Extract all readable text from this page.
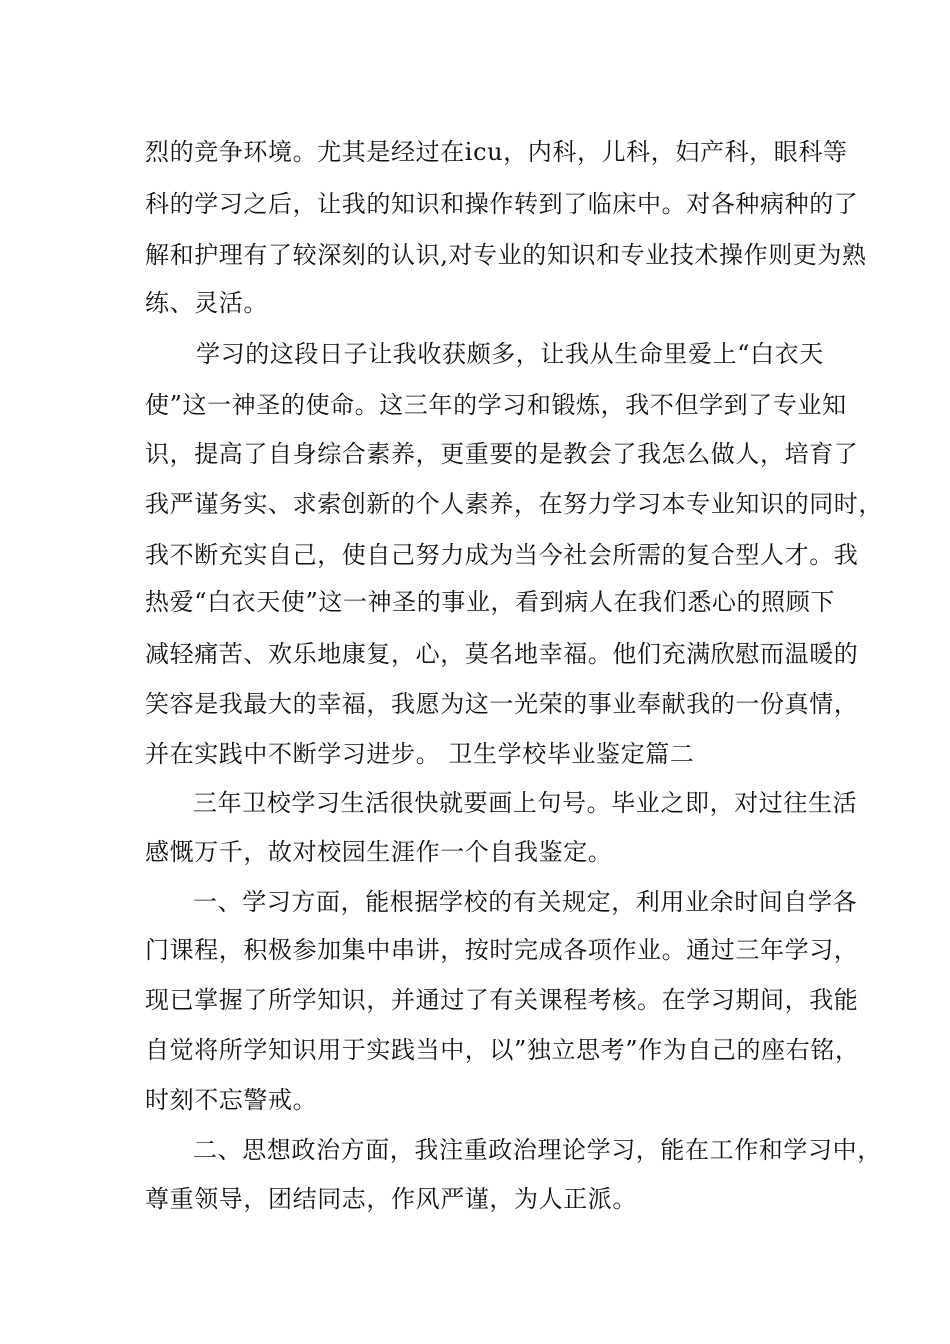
烈的竞争环境。尤其是经过在icu，内科，儿科，妇产科，眼科等
科的学习之后，让我的知识和操作转到了临床中。对各种病种的了
解和护理有了较深刻的认识,对专业的知识和专业技术操作则更为熟
练、灵活。
学习的这段日子让我收获颇多，让我从生命里爱上“白衣天
使”这一神圣的使命。这三年的学习和锻炼，我不但学到了专业知
识，提高了自身综合素养，更重要的是教会了我怎么做人，培育了
我严谨务实、求索创新的个人素养，在努力学习本专业知识的同时，
我不断充实自己，使自己努力成为当今社会所需的复合型人才。我
热爱“白衣天使”这一神圣的事业，看到病人在我们悉心的照顾下
减轻痛苦、欢乐地康复，心，莫名地幸福。他们充满欣慰而温暖的
笑容是我最大的幸福，我愿为这一光荣的事业奉献我的一份真情，
并在实践中不断学习进步。 卫生学校毕业鉴定篇二
三年卫校学习生活很快就要画上句号。毕业之即，对过往生活
感慨万千，故对校园生涯作一个自我鉴定。
一、学习方面，能根据学校的有关规定，利用业余时间自学各
门课程，积极参加集中串讲，按时完成各项作业。通过三年学习，
现已掌握了所学知识，并通过了有关课程考核。在学习期间，我能
自觉将所学知识用于实践当中，以”独立思考”作为自己的座右铭，
时刻不忘警戒。
二、思想政治方面，我注重政治理论学习，能在工作和学习中，
尊重领导，团结同志，作风严谨，为人正派。
